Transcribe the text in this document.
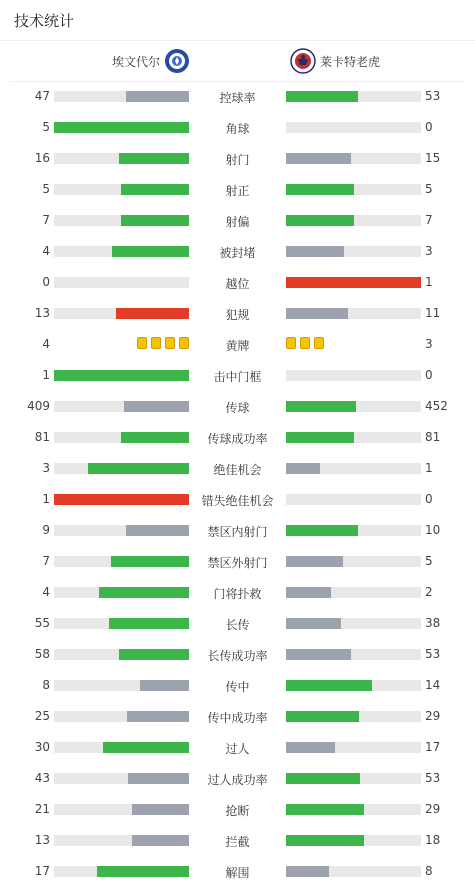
技术统计
埃文代尔	莱卡特老虎
47	控球率	53
5	角球	0
16	射门	15
5	射正	5
7	射偏	7
4	被封堵	3
0	越位	1
13	犯规	11
4	黄牌	3
1	击中门框	0
409	传球	452
81	传球成功率	81
3	绝佳机会	1
1	错失绝佳机会	0
9	禁区内射门	10
7	禁区外射门	5
4	门将扑救	2
55	长传	38
58	长传成功率	53
8	传中	14
25	传中成功率	29
30	过人	17
43	过人成功率	53
21	抢断	29
13	拦截	18
17	解围	8
